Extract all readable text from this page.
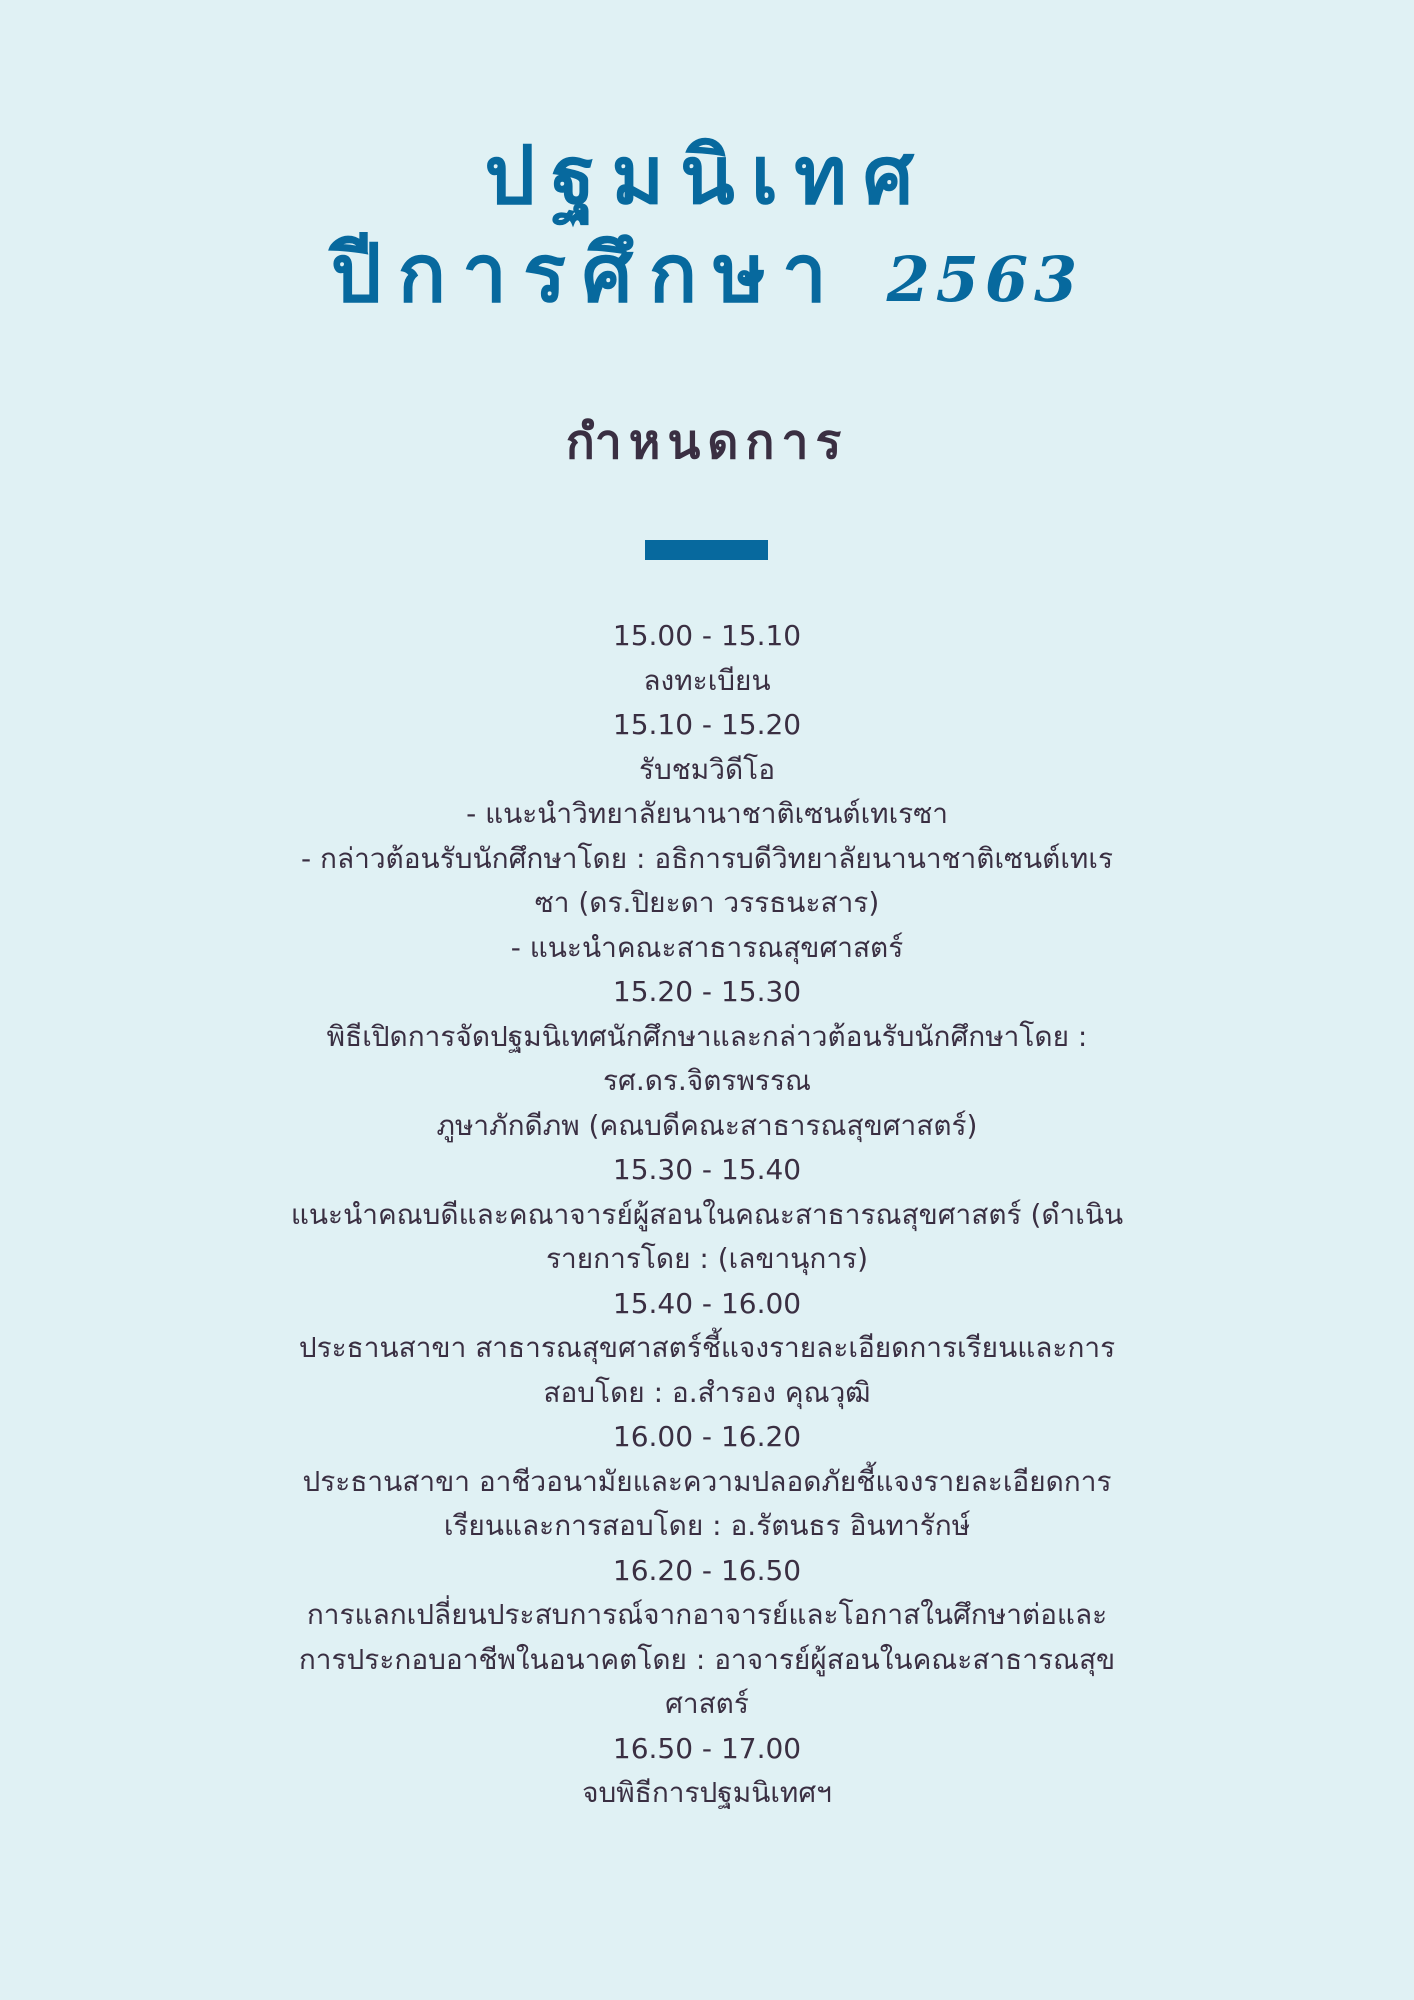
ปฐมนิเทศ
ปีการศึกษา 2563
กำหนดการ
15.00 - 15.10
ลงทะเบียน
15.10 - 15.20
รับชมวิดีโอ
- แนะนำวิทยาลัยนานาชาติเซนต์เทเรซา
- กล่าวต้อนรับนักศึกษาโดย : อธิการบดีวิทยาลัยนานาชาติเซนต์เทเร
ซา (ดร.ปิยะดา วรรธนะสาร)
- แนะนำคณะสาธารณสุขศาสตร์
15.20 - 15.30
พิธีเปิดการจัดปฐมนิเทศนักศึกษาและกล่าวต้อนรับนักศึกษาโดย :
รศ.ดร.จิตรพรรณ
ภูษาภักดีภพ (คณบดีคณะสาธารณสุขศาสตร์)
15.30 - 15.40
แนะนำคณบดีและคณาจารย์ผู้สอนในคณะสาธารณสุขศาสตร์ (ดำเนิน
รายการโดย : (เลขานุการ)
15.40 - 16.00
ประธานสาขา สาธารณสุขศาสตร์ชี้แจงรายละเอียดการเรียนและการ
สอบโดย : อ.สำรอง คุณวุฒิ
16.00 - 16.20
ประธานสาขา อาชีวอนามัยและความปลอดภัยชี้แจงรายละเอียดการ
เรียนและการสอบโดย : อ.รัตนธร อินทารักษ์
16.20 - 16.50
การแลกเปลี่ยนประสบการณ์จากอาจารย์และโอกาสในศึกษาต่อและ
การประกอบอาชีพในอนาคตโดย : อาจารย์ผู้สอนในคณะสาธารณสุข
ศาสตร์
16.50 - 17.00
จบพิธีการปฐมนิเทศฯ
